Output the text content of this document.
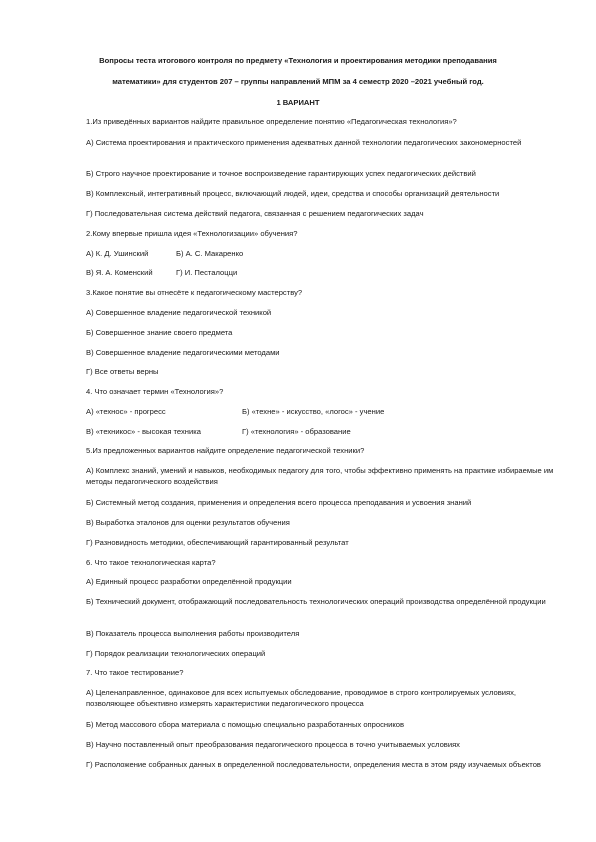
Вопросы теста итогового контроля по предмету «Технология и проектирования методики преподавания
математики» для студентов 207 – группы направлений МПМ за 4 семестр 2020 –2021 учебный год.
1 ВАРИАНТ
1.Из приведённых вариантов найдите правильное определение понятию «Педагогическая технология»?
А) Система проектирования и практического применения адекватных данной технологии педагогических закономерностей
Б) Строго научное проектирование и точное воспроизведение гарантирующих успех педагогических действий
В) Комплексный, интегративный процесс, включающий людей, идеи, средства и способы организаций деятельности
Г) Последовательная система действий педагога, связанная с решением педагогических задач
2.Кому впервые пришла идея «Технологизации» обучения?
А) К. Д. Ушинский	Б) А. С. Макаренко
В) Я. А. Коменский	Г) И. Песталоцци
3.Какое понятие вы отнесёте к педагогическому мастерству?
А) Совершенное владение педагогической техникой
Б) Совершенное знание своего предмета
В) Совершенное владение педагогическими методами
Г) Все ответы верны
4. Что означает термин «Технология»?
А) «технос» - прогресс	Б) «техне» - искусство, «логос» - учение
В) «техникос» - высокая техника	Г) «технология» - образование
5.Из предложенных вариантов найдите определение педагогической техники?
А) Комплекс знаний, умений и навыков, необходимых педагогу для того, чтобы эффективно применять на практике избираемые им методы педагогического воздействия
Б) Системный метод создания, применения и определения всего процесса преподавания и усвоения знаний
В) Выработка эталонов для оценки результатов обучения
Г) Разновидность методики, обеспечивающий гарантированный результат
6. Что такое технологическая карта?
А) Единный процесс разработки определённой продукции
Б) Технический документ, отображающий последовательность технологических операций производства определённой продукции
В) Показатель процесса выполнения работы производителя
Г) Порядок реализации технологических операций
7. Что такое тестирование?
А) Целенаправленное, одинаковое для всех испытуемых обследование, проводимое в строго контролируемых условиях, позволяющее объективно измерять характеристики педагогического процесса
Б) Метод массового сбора материала с помощью специально разработанных опросников
В) Научно поставленный опыт преобразования педагогического процесса в точно учитываемых условиях
Г) Расположение собранных данных в определенной последовательности, определения места в этом ряду изучаемых объектов
